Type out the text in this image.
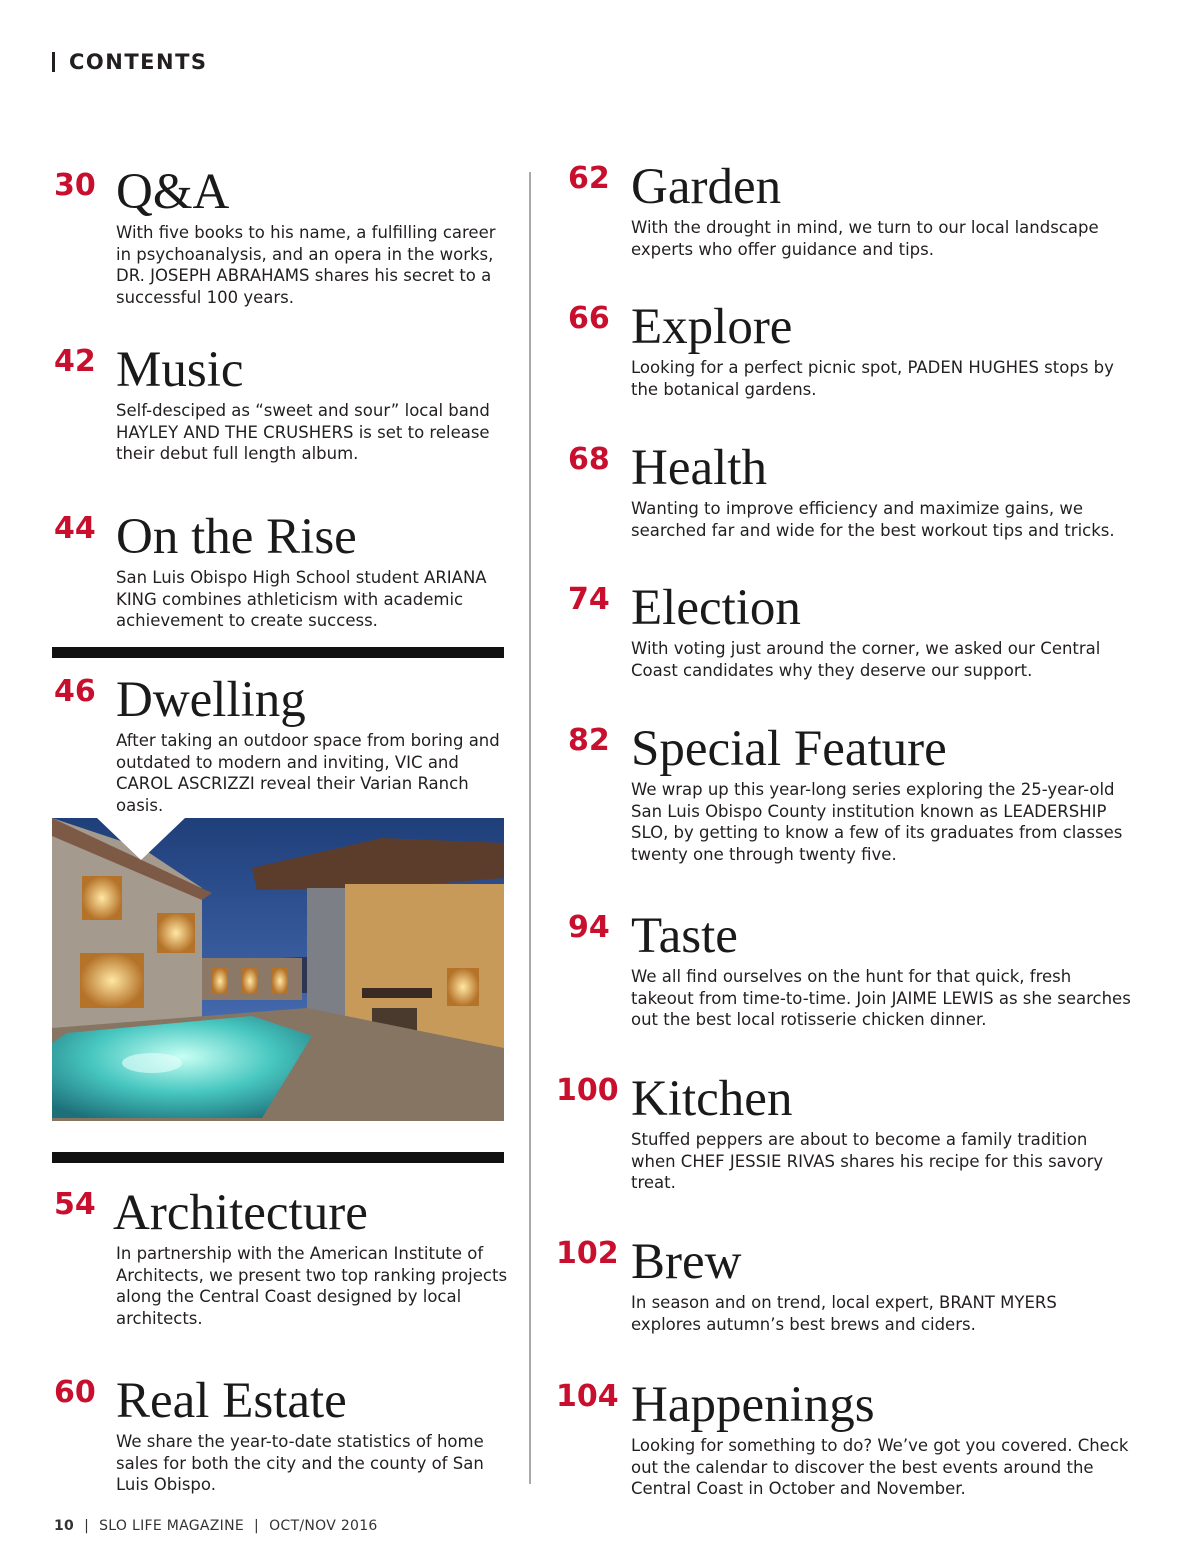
CONTENTS
30 Q&A
With five books to his name, a fulfilling career in psychoanalysis, and an opera in the works, DR. JOSEPH ABRAHAMS shares his secret to a successful 100 years.
42 Music
Self-desciped as “sweet and sour” local band HAYLEY AND THE CRUSHERS is set to release their debut full length album.
44 On the Rise
San Luis Obispo High School student ARIANA KING combines athleticism with academic achievement to create success.
46 Dwelling
After taking an outdoor space from boring and outdated to modern and inviting, VIC and CAROL ASCRIZZI reveal their Varian Ranch oasis.
54 Architecture
In partnership with the American Institute of Architects, we present two top ranking projects along the Central Coast designed by local architects.
60 Real Estate
We share the year-to-date statistics of home sales for both the city and the county of San Luis Obispo.
62 Garden
With the drought in mind, we turn to our local landscape experts who offer guidance and tips.
66 Explore
Looking for a perfect picnic spot, PADEN HUGHES stops by the botanical gardens.
68 Health
Wanting to improve efficiency and maximize gains, we searched far and wide for the best workout tips and tricks.
74 Election
With voting just around the corner, we asked our Central Coast candidates why they deserve our support.
82 Special Feature
We wrap up this year-long series exploring the 25-year-old San Luis Obispo County institution known as LEADERSHIP SLO, by getting to know a few of its graduates from classes twenty one through twenty five.
94 Taste
We all find ourselves on the hunt for that quick, fresh takeout from time-to-time. Join JAIME LEWIS as she searches out the best local rotisserie chicken dinner.
100 Kitchen
Stuffed peppers are about to become a family tradition when CHEF JESSIE RIVAS shares his recipe for this savory treat.
102 Brew
In season and on trend, local expert, BRANT MYERS explores autumn’s best brews and ciders.
104 Happenings
Looking for something to do? We’ve got you covered. Check out the calendar to discover the best events around the Central Coast in October and November.
10 | SLO LIFE MAGAZINE | OCT/NOV 2016
